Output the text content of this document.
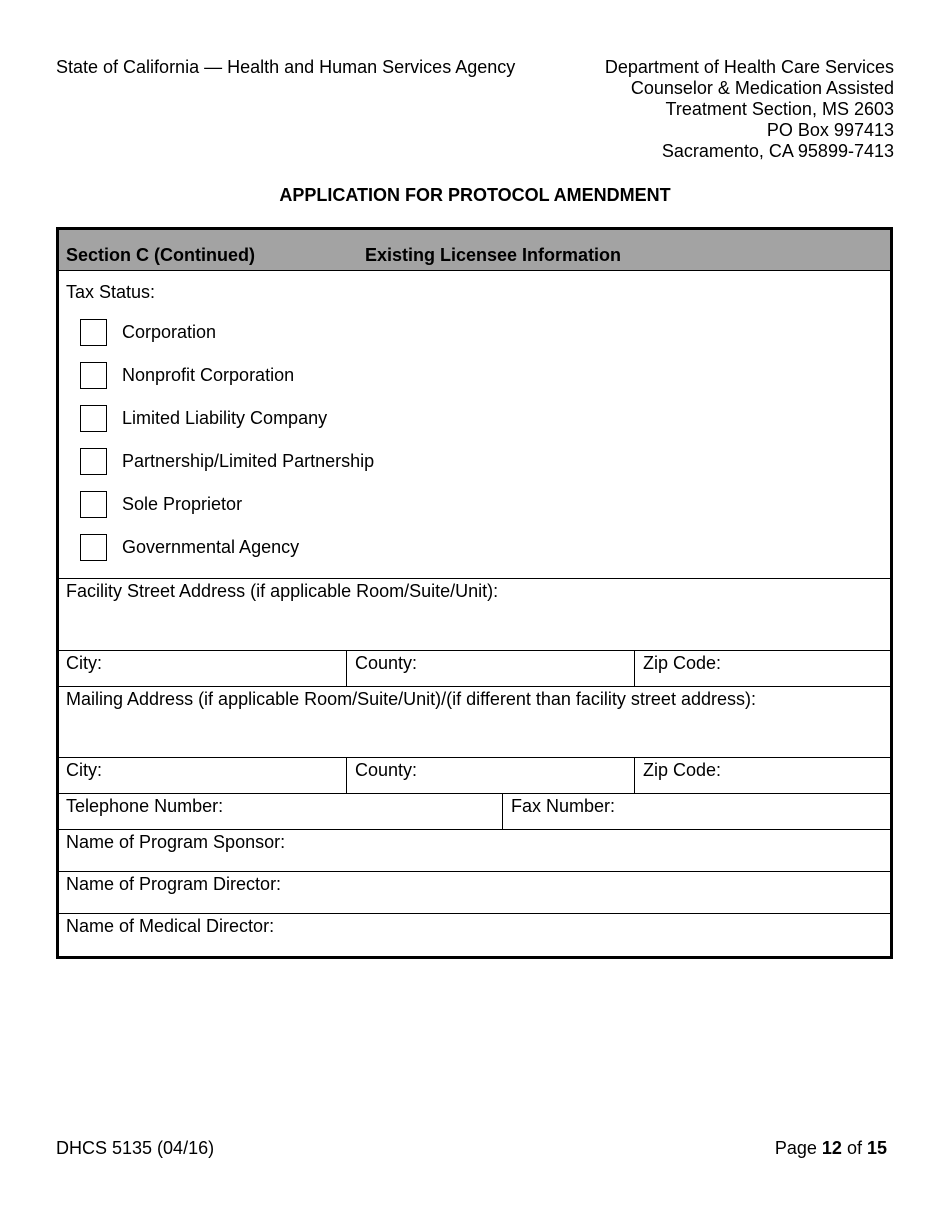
State of California — Health and Human Services Agency	Department of Health Care Services
Counselor & Medication Assisted
Treatment Section, MS 2603
PO Box 997413
Sacramento, CA 95899-7413
APPLICATION FOR PROTOCOL AMENDMENT
Section C (Continued)	Existing Licensee Information
Tax Status:
Corporation
Nonprofit Corporation
Limited Liability Company
Partnership/Limited Partnership
Sole Proprietor
Governmental Agency
Facility Street Address (if applicable Room/Suite/Unit):
City:	County:	Zip Code:
Mailing Address (if applicable Room/Suite/Unit)/(if different than facility street address):
City:	County:	Zip Code:
Telephone Number:	Fax Number:
Name of Program Sponsor:
Name of Program Director:
Name of Medical Director:
DHCS 5135 (04/16)	Page 12 of 15
